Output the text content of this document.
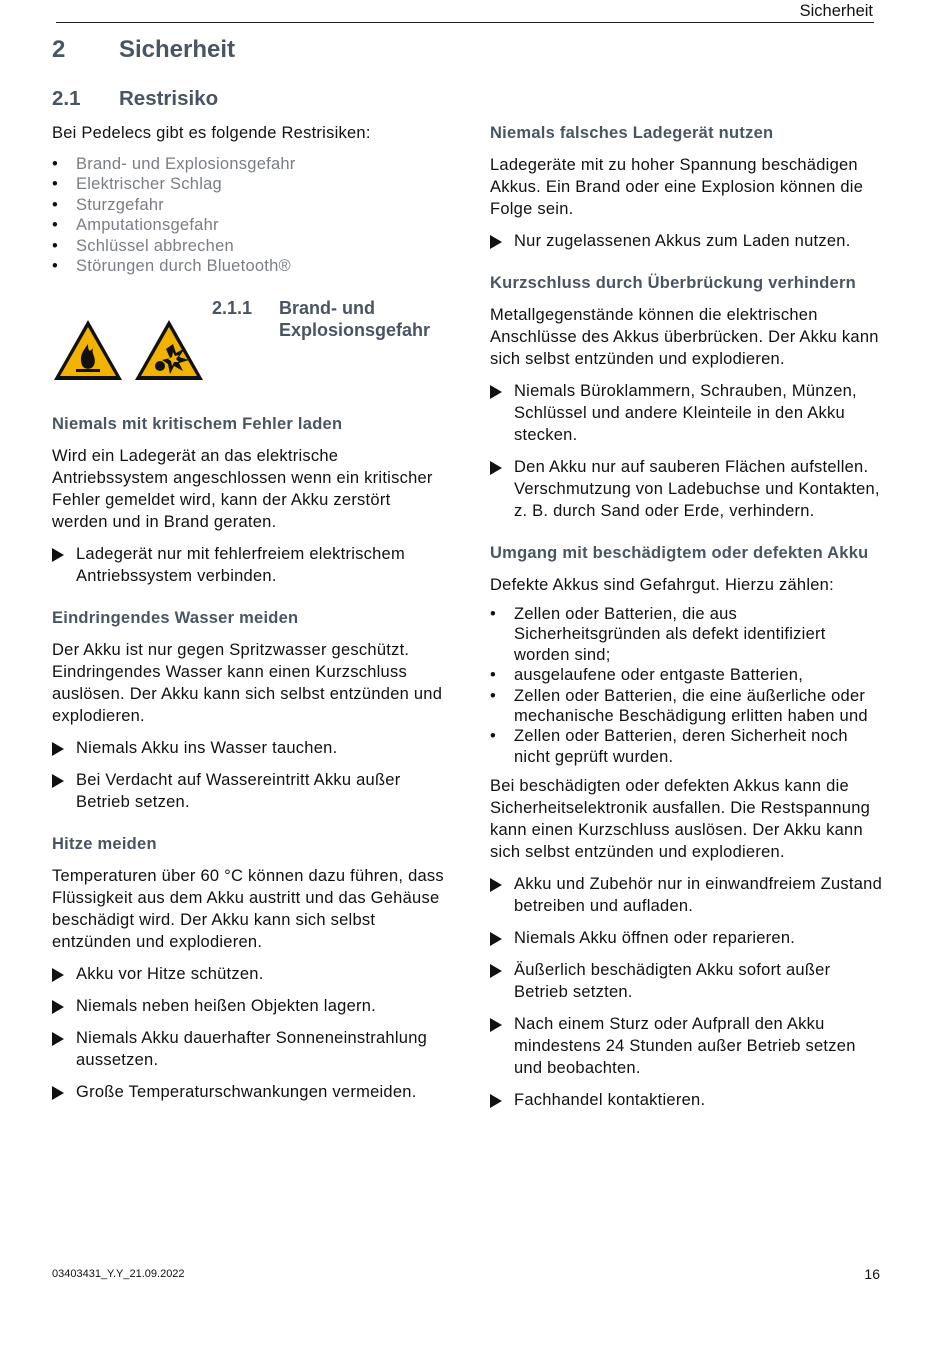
Sicherheit
2 Sicherheit
2.1 Restrisiko
2.1.1 Brand- und Explosionsgefahr

Bei Pedelecs gibt es folgende Restrisiken:

• Brand- und Explosionsgefahr
• Elektrischer Schlag
• Sturzgefahr
• Amputationsgefahr
• Schlüssel abbrechen
• Störungen durch Bluetooth®

Niemals mit kritischem Fehler laden

Wird ein Ladegerät an das elektrische Antriebssystem angeschlossen wenn ein kritischer Fehler gemeldet wird, kann der Akku zerstört werden und in Brand geraten.

Ladegerät nur mit fehlerfreiem elektrischem Antriebssystem verbinden.

Eindringendes Wasser meiden

Der Akku ist nur gegen Spritzwasser geschützt. Eindringendes Wasser kann einen Kurzschluss auslösen. Der Akku kann sich selbst entzünden und explodieren.

Niemals Akku ins Wasser tauchen.
Bei Verdacht auf Wassereintritt Akku außer Betrieb setzen.

Hitze meiden

Temperaturen über 60 °C können dazu führen, dass Flüssigkeit aus dem Akku austritt und das Gehäuse beschädigt wird. Der Akku kann sich selbst entzünden und explodieren.

Akku vor Hitze schützen.
Niemals neben heißen Objekten lagern.
Niemals Akku dauerhafter Sonneneinstrahlung aussetzen.
Große Temperaturschwankungen vermeiden.

Niemals falsches Ladegerät nutzen

Ladegeräte mit zu hoher Spannung beschädigen Akkus. Ein Brand oder eine Explosion können die Folge sein.

Nur zugelassenen Akkus zum Laden nutzen.

Kurzschluss durch Überbrückung verhindern

Metallgegenstände können die elektrischen Anschlüsse des Akkus überbrücken. Der Akku kann sich selbst entzünden und explodieren.

Niemals Büroklammern, Schrauben, Münzen, Schlüssel und andere Kleinteile in den Akku stecken.
Den Akku nur auf sauberen Flächen aufstellen. Verschmutzung von Ladebuchse und Kontakten, z. B. durch Sand oder Erde, verhindern.

Umgang mit beschädigtem oder defekten Akku

Defekte Akkus sind Gefahrgut. Hierzu zählen:

• Zellen oder Batterien, die aus Sicherheitsgründen als defekt identifiziert worden sind;
• ausgelaufene oder entgaste Batterien,
• Zellen oder Batterien, die eine äußerliche oder mechanische Beschädigung erlitten haben und
• Zellen oder Batterien, deren Sicherheit noch nicht geprüft wurden.

Bei beschädigten oder defekten Akkus kann die Sicherheitselektronik ausfallen. Die Restspannung kann einen Kurzschluss auslösen. Der Akku kann sich selbst entzünden und explodieren.

Akku und Zubehör nur in einwandfreiem Zustand betreiben und aufladen.
Niemals Akku öffnen oder reparieren.
Äußerlich beschädigten Akku sofort außer Betrieb setzten.
Nach einem Sturz oder Aufprall den Akku mindestens 24 Stunden außer Betrieb setzen und beobachten.
Fachhandel kontaktieren.
03403431_Y.Y_21.09.2022	16
